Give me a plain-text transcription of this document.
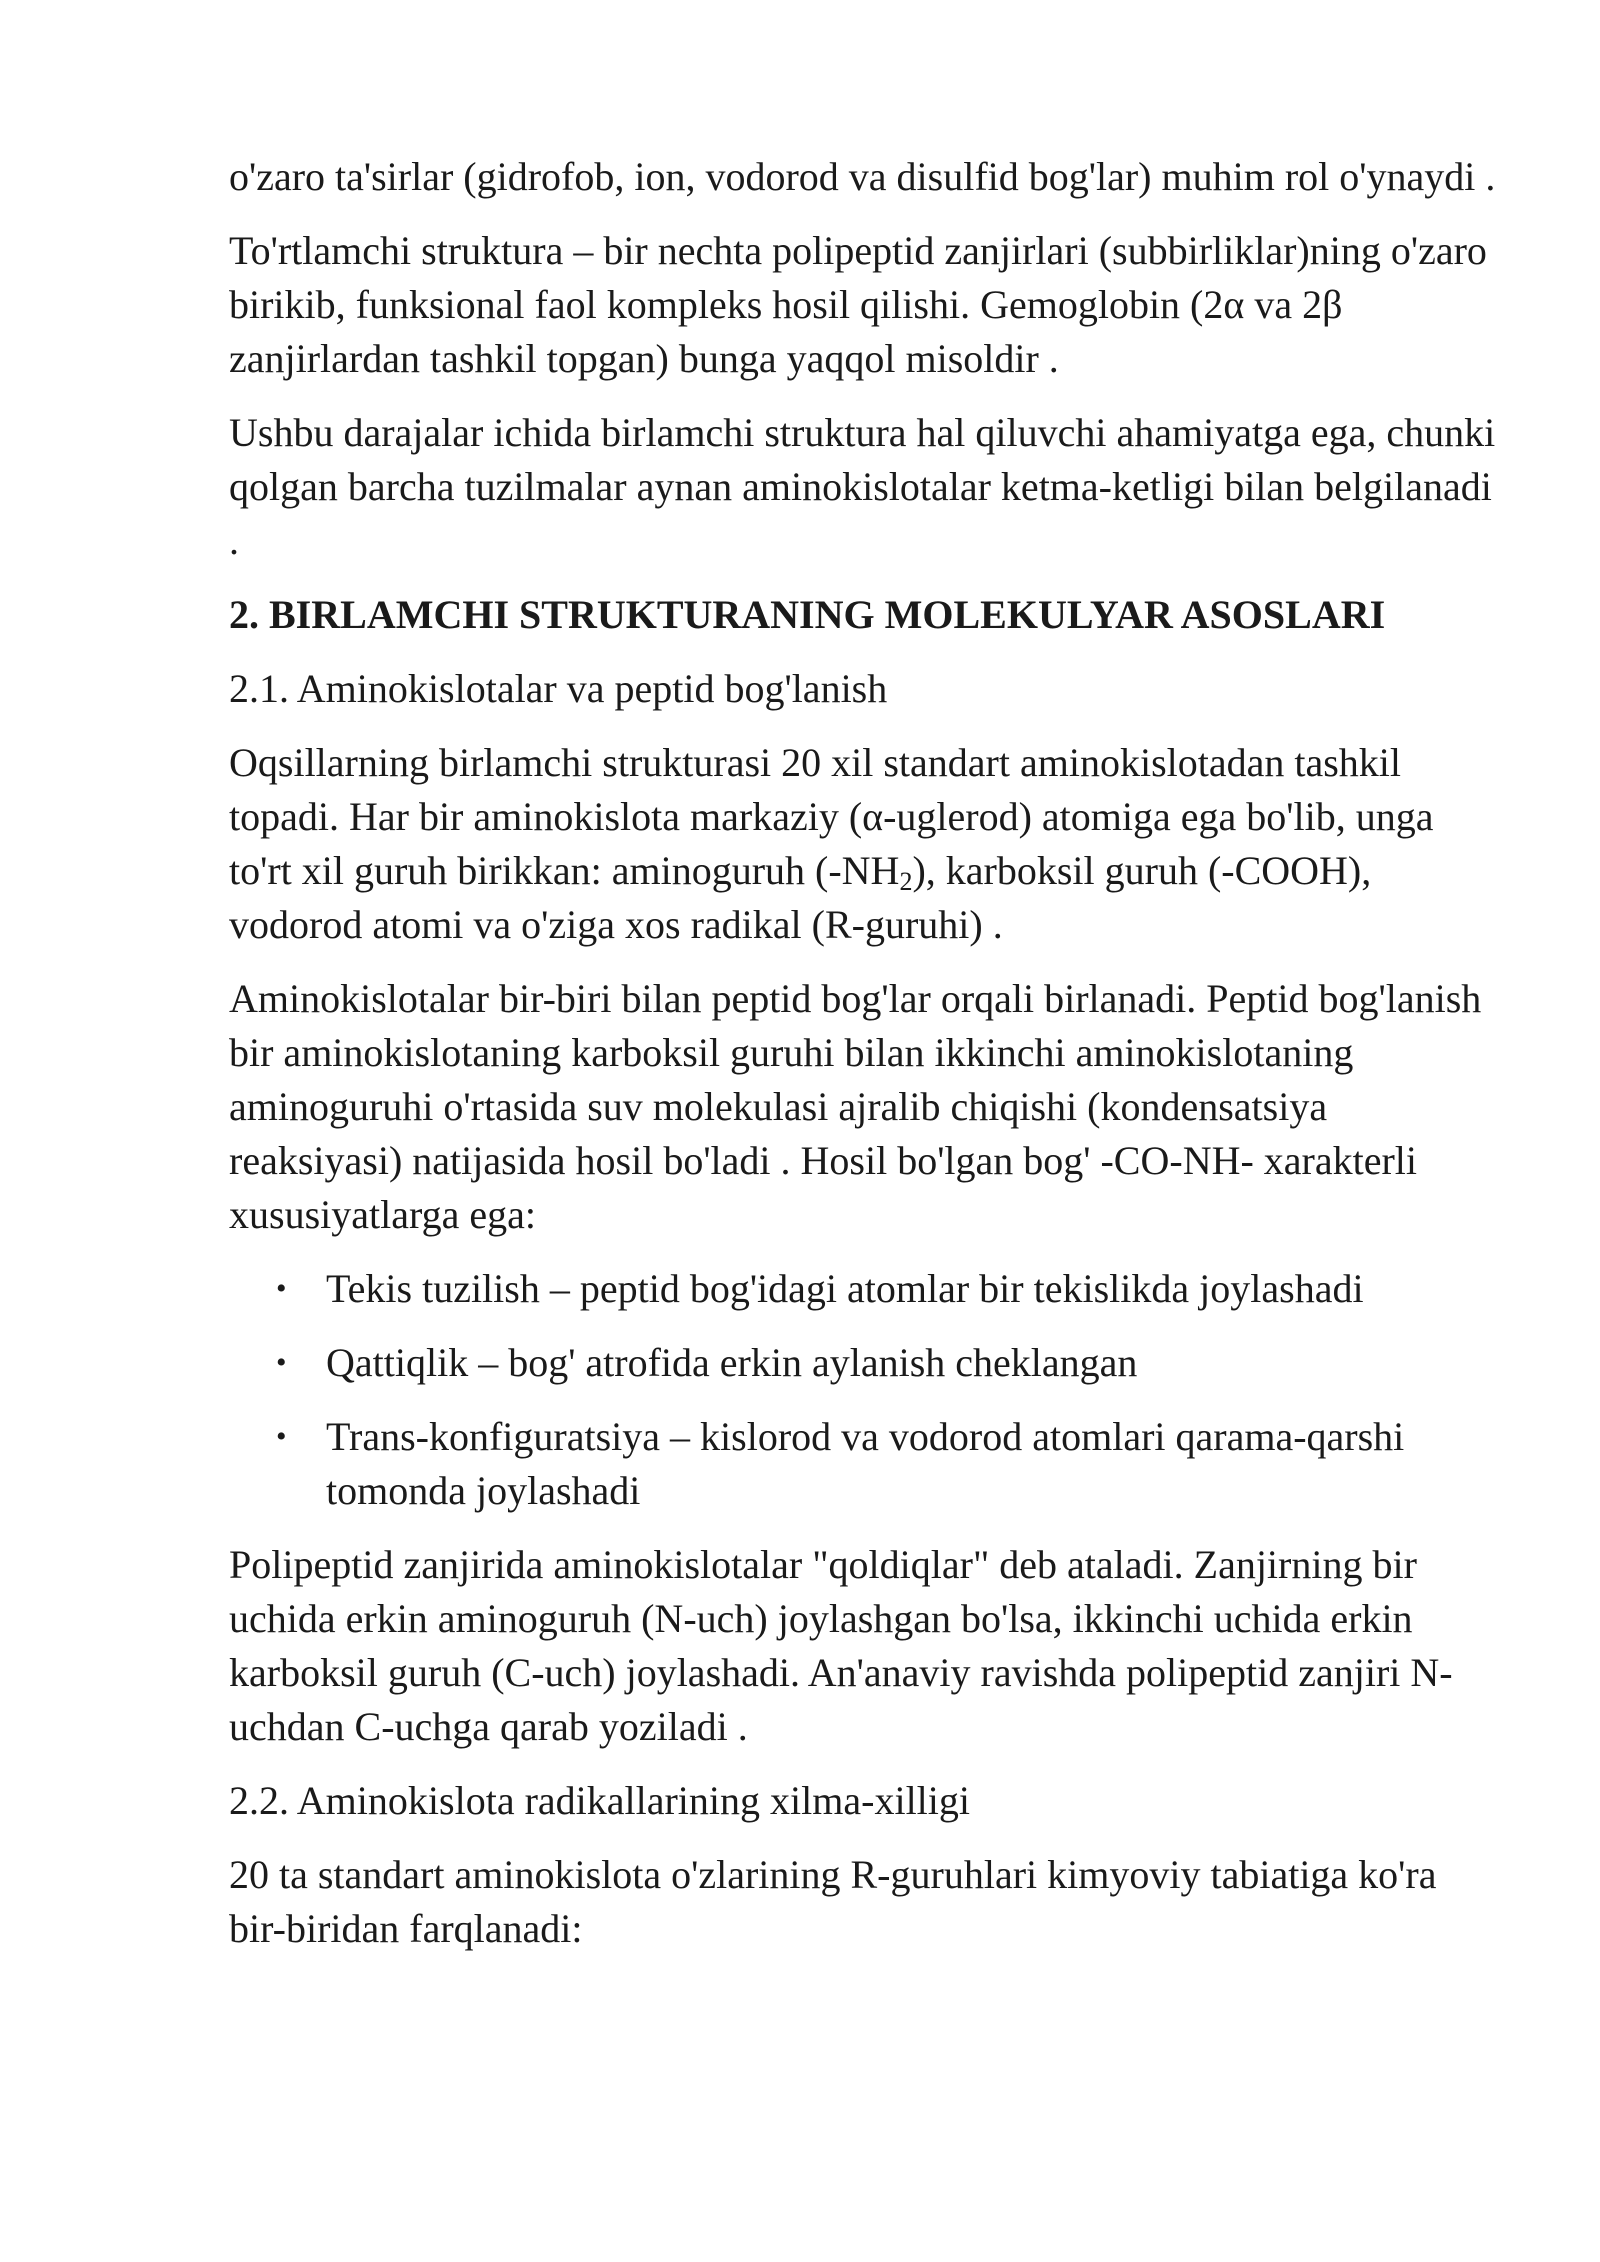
o'zaro ta'sirlar (gidrofob, ion, vodorod va disulfid bog'lar) muhim rol o'ynaydi .

To'rtlamchi struktura – bir nechta polipeptid zanjirlari (subbirliklar)ning o'zaro birikib, funksional faol kompleks hosil qilishi. Gemoglobin (2α va 2β zanjirlardan tashkil topgan) bunga yaqqol misoldir .

Ushbu darajalar ichida birlamchi struktura hal qiluvchi ahamiyatga ega, chunki qolgan barcha tuzilmalar aynan aminokislotalar ketma-ketligi bilan belgilanadi .

2. BIRLAMCHI STRUKTURANING MOLEKULYAR ASOSLARI

2.1. Aminokislotalar va peptid bog'lanish

Oqsillarning birlamchi strukturasi 20 xil standart aminokislotadan tashkil topadi. Har bir aminokislota markaziy (α-uglerod) atomiga ega bo'lib, unga to'rt xil guruh birikkan: aminoguruh $(-NH_2)$, karboksil guruh (-COOH), vodorod atomi va o'ziga xos radikal (R-guruhi) .

Aminokislotalar bir-biri bilan peptid bog'lar orqali birlanadi. Peptid bog'lanish bir aminokislotaning karboksil guruhi bilan ikkinchi aminokislotaning aminoguruhi o'rtasida suv molekulasi ajralib chiqishi (kondensatsiya reaksiyasi) natijasida hosil bo'ladi . Hosil bo'lgan bog' -CO-NH- xarakterli xususiyatlarga ega:

• Tekis tuzilish – peptid bog'idagi atomlar bir tekislikda joylashadi
• Qattiqlik – bog' atrofida erkin aylanish cheklangan
• Trans-konfiguratsiya – kislorod va vodorod atomlari qarama-qarshi tomonda joylashadi

Polipeptid zanjirida aminokislotalar "qoldiqlar" deb ataladi. Zanjirning bir uchida erkin aminoguruh (N-uch) joylashgan bo'lsa, ikkinchi uchida erkin karboksil guruh (C-uch) joylashadi. An'anaviy ravishda polipeptid zanjiri N-uchdan C-uchga qarab yoziladi .

2.2. Aminokislota radikallarining xilma-xilligi

20 ta standart aminokislota o'zlarining R-guruhlari kimyoviy tabiatiga ko'ra bir-biridan farqlanadi:
